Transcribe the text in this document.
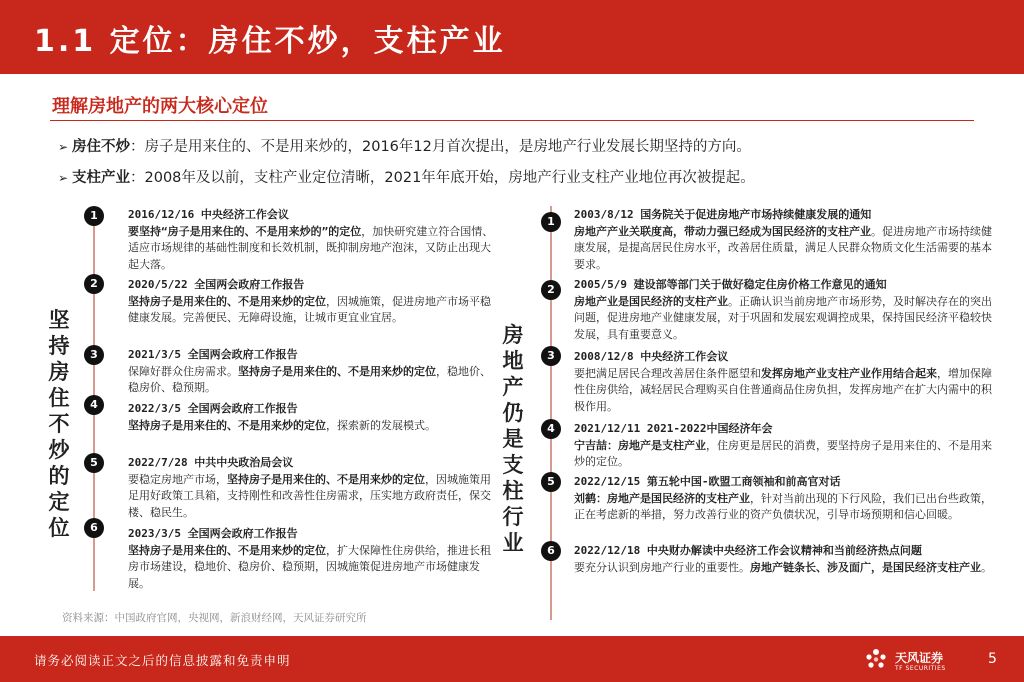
1.1 定位：房住不炒，支柱产业
理解房地产的两大核心定位
➢ 房住不炒：房子是用来住的、不是用来炒的，2016年12月首次提出，是房地产行业发展长期坚持的方向。
➢ 支柱产业：2008年及以前，支柱产业定位清晰，2021年年底开始，房地产行业支柱产业地位再次被提起。
坚持房住不炒的定位
房地产仍是支柱行业
1
2
3
4
5
6
2016/12/16 中央经济工作会议
要坚持“房子是用来住的、不是用来炒的”的定位，加快研究建立符合国情、适应市场规律的基础性制度和长效机制，既抑制房地产泡沫，又防止出现大起大落。
2020/5/22 全国两会政府工作报告
坚持房子是用来住的、不是用来炒的定位，因城施策，促进房地产市场平稳健康发展。完善便民、无障碍设施，让城市更宜业宜居。
2021/3/5 全国两会政府工作报告
保障好群众住房需求。坚持房子是用来住的、不是用来炒的定位，稳地价、稳房价、稳预期。
2022/3/5 全国两会政府工作报告
坚持房子是用来住的、不是用来炒的定位，探索新的发展模式。
2022/7/28 中共中央政治局会议
要稳定房地产市场，坚持房子是用来住的、不是用来炒的定位，因城施策用足用好政策工具箱，支持刚性和改善性住房需求，压实地方政府责任，保交楼、稳民生。
2023/3/5 全国两会政府工作报告
坚持房子是用来住的、不是用来炒的定位，扩大保障性住房供给，推进长租房市场建设，稳地价、稳房价、稳预期，因城施策促进房地产市场健康发展。
1
2
3
4
5
6
2003/8/12 国务院关于促进房地产市场持续健康发展的通知
房地产产业关联度高，带动力强已经成为国民经济的支柱产业。促进房地产市场持续健康发展，是提高居民住房水平，改善居住质量，满足人民群众物质文化生活需要的基本要求。
2005/5/9 建设部等部门关于做好稳定住房价格工作意见的通知
房地产业是国民经济的支柱产业。正确认识当前房地产市场形势，及时解决存在的突出问题，促进房地产业健康发展，对于巩固和发展宏观调控成果，保持国民经济平稳较快发展，具有重要意义。
2008/12/8 中央经济工作会议
要把满足居民合理改善居住条件愿望和发挥房地产业支柱产业作用结合起来，增加保障性住房供给，减轻居民合理购买自住普通商品住房负担，发挥房地产在扩大内需中的积极作用。
2021/12/11 2021-2022中国经济年会
宁吉喆：房地产是支柱产业，住房更是居民的消费，要坚持房子是用来住的、不是用来炒的定位。
2022/12/15 第五轮中国-欧盟工商领袖和前高官对话
刘鹤：房地产是国民经济的支柱产业，针对当前出现的下行风险，我们已出台些政策，正在考虑新的举措，努力改善行业的资产负债状况，引导市场预期和信心回暖。
2022/12/18 中央财办解读中央经济工作会议精神和当前经济热点问题
要充分认识到房地产行业的重要性。房地产链条长、涉及面广，是国民经济支柱产业。
资料来源：中国政府官网，央视网，新浪财经网，天风证券研究所
请务必阅读正文之后的信息披露和免责申明	天风证券
TF SECURITIES
5
